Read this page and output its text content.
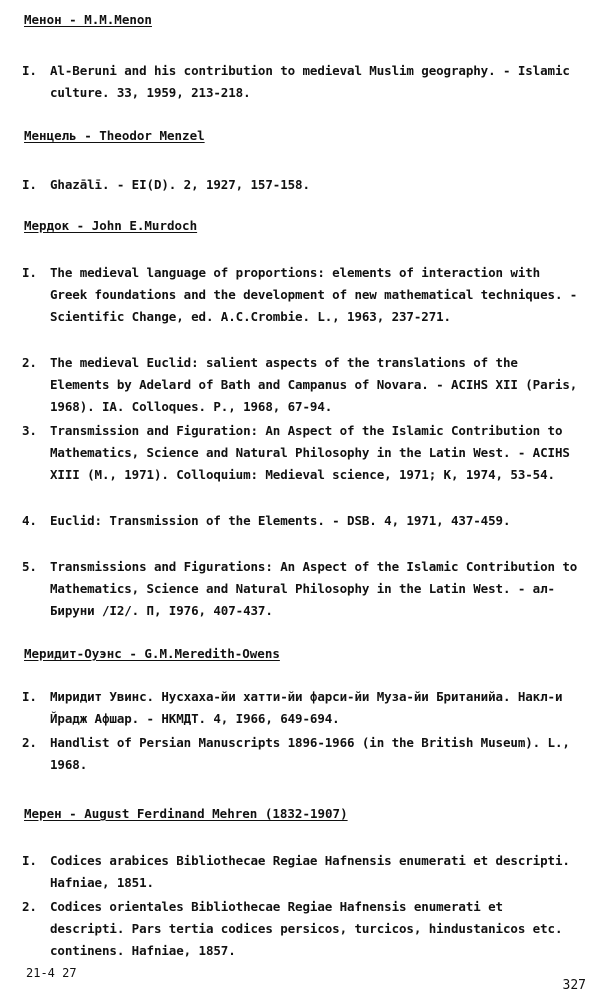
Менон - М.М.Menon
I.	Al-Beruni and his contribution to medieval Muslim geography. - Islamic culture. 33, 1959, 213-218.
Менцель - Theodor Menzel
I.	Ghazālī. - EI(D). 2, 1927, 157-158.
Мердок - John E.Murdoch
I.	The medieval language of proportions: elements of interaction with Greek foundations and the development of new mathematical techniques. - Scientific Change, ed. A.C.Crombie. L., 1963, 237-271.
2.	The medieval Euclid: salient aspects of the translations of the Elements by Adelard of Bath and Campanus of Novara. - ACIHS XII (Paris, 1968). IA. Colloques. P., 1968, 67-94.
3.	Transmission and Figuration: An Aspect of the Islamic Contribution to Mathematics, Science and Natural Philosophy in the Latin West. - ACIHS XIII (М., 1971). Colloquium: Medieval science, 1971; К, 1974, 53-54.
4.	Euclid: Transmission of the Elements. - DSB. 4, 1971, 437-459.
5.	Transmissions and Figurations: An Aspect of the Islamic Contribution to Mathematics, Science and Natural Philosophy in the Latin West. - ал-Бируни /I2/. П, I976, 407-437.
Меридит-Оуэнс - G.M.Meredith-Owens
I.	Миридит Увинс. Нусхаха-йи хатти-йи фарси-йи Муза-йи Британийа. Накл-и Йрадж Афшар. - НКМДТ. 4, I966, 649-694.
2.	Handlist of Persian Manuscripts 1896-1966 (in the British Museum). L., 1968.
Мерен - August Ferdinand Mehren (1832-1907)
I.	Codices arabices Bibliothecae Regiae Hafnensis enumerati et descripti. Hafniae, 1851.
2.	Codices orientales Bibliothecae Regiae Hafnensis enumerati et descripti. Pars tertia codices persicos, turcicos, hindustanicos etc. continens. Hafniae, 1857.
21-4 27
327
